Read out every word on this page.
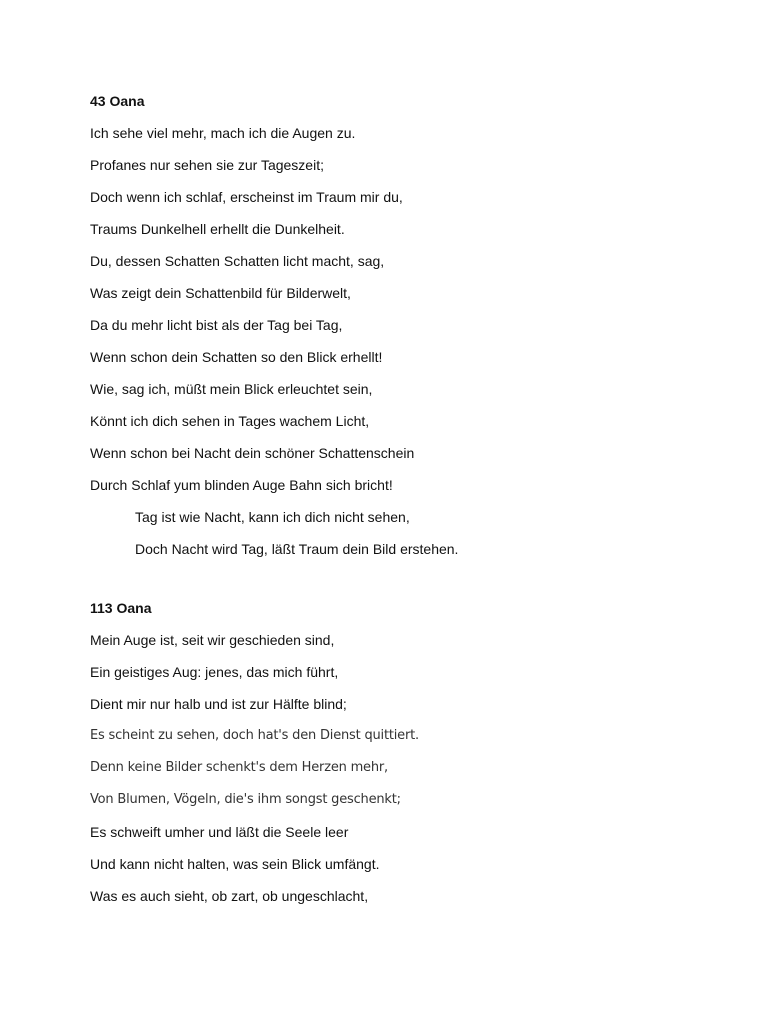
43 Oana
Ich sehe viel mehr, mach ich die Augen zu.
Profanes nur sehen sie zur Tageszeit;
Doch wenn ich schlaf, erscheinst im Traum mir du,
Traums Dunkelhell erhellt die Dunkelheit.
Du, dessen Schatten Schatten licht macht, sag,
Was zeigt dein Schattenbild für Bilderwelt,
Da du mehr licht bist als der Tag bei Tag,
Wenn schon dein Schatten so den Blick erhellt!
Wie, sag ich, müßt mein Blick erleuchtet sein,
Könnt ich dich sehen in Tages wachem Licht,
Wenn schon bei Nacht dein schöner Schattenschein
Durch Schlaf yum blinden Auge Bahn sich bricht!
Tag ist wie Nacht, kann ich dich nicht sehen,
Doch Nacht wird Tag, läßt Traum dein Bild erstehen.
113 Oana
Mein Auge ist, seit wir geschieden sind,
Ein geistiges Aug: jenes, das mich führt,
Dient mir nur halb und ist zur Hälfte blind;
Es scheint zu sehen, doch hat's den Dienst quittiert.
Denn keine Bilder schenkt's dem Herzen mehr,
Von Blumen, Vögeln, die's ihm songst geschenkt;
Es schweift umher und läßt die Seele leer
Und kann nicht halten, was sein Blick umfängt.
Was es auch sieht, ob zart, ob ungeschlacht,
